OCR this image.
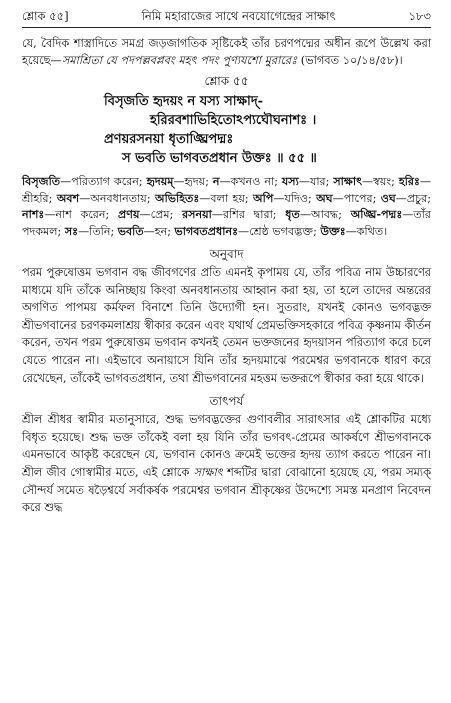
শ্লোক ৫৫]	নিমি মহারাজের সাথে নবযোগেন্দ্রের সাক্ষাৎ	১৮৩

যে, বৈদিক শাস্ত্রাদিতে সমগ্র জড়জাগতিক সৃষ্টিকেই তাঁর চরণপদ্মের অধীন রূপে উল্লেখ করা হয়েছে—সমাশ্রিতা যে পদপল্লবপ্লবং মহৎ পদং পুণ্যযশো মুরারেঃ (ভাগবত ১০/১৪/৫৮)।

শ্লোক ৫৫

বিসৃজতি হৃদয়ং ন যস্য সাক্ষাদ্-

হরিরবশাভিহিতোঽপ্যঘৌঘনাশঃ ।

প্রণয়রসনয়া ধৃতাঙ্ঘ্রিপদ্মঃ

স ভবতি ভাগবতপ্রধান উক্তঃ ॥ ৫৫ ॥

বিসৃজতি—পরিত্যাগ করেন; হৃদয়ম্—হৃদয়; ন—কখনও না; যস্য—যার; সাক্ষাৎ—স্বয়ং; হরিঃ—শ্রীহরি; অবশ—অনবধানতায়; অভিহিতঃ—বলা হয়; অপি—যদিও; অঘ—পাপের; ওঘ—প্রচুর; নাশঃ—নাশ করেন; প্রণয়—প্রেম; রসনয়া—রশির দ্বারা; ধৃত—আবদ্ধ; অঙ্ঘ্রি-পদ্মঃ—তাঁর পদকমল; সঃ—তিনি; ভবতি—হন; ভাগবতপ্রধানঃ—শ্রেষ্ঠ ভগবদ্ভক্ত; উক্তঃ—কথিত।

অনুবাদ

পরম পুরুষোত্তম ভগবান বদ্ধ জীবগণের প্রতি এমনই কৃপাময় যে, তাঁর পবিত্র নাম উচ্চারণের মাধ্যমে যদি তাঁকে অনিচ্ছায় কিংবা অনবধানতায় আহ্বান করা হয়, তা হলে তাদের অন্তরের অগণিত পাপময় কর্মফল বিনাশে তিনি উদ্যোগী হন। সুতরাং, যখনই কোনও ভগবদ্ভক্ত শ্রীভগবানের চরণকমলাশ্রয় স্বীকার করেন এবং যথার্থ প্রেমভক্তিসহকারে পবিত্র কৃষ্ণনাম কীর্তন করেন, তখন পরম পুরুষোত্তম ভগবান কখনই তেমন ভক্তজনের হৃদয়াসন পরিত্যাগ করে চলে যেতে পারেন না। এইভাবে অনায়াসে যিনি তাঁর হৃদয়মাঝে পরমেশ্বর ভগবানকে ধারণ করে রেখেছেন, তাঁকেই ভাগবতপ্রধান, তথা শ্রীভগবানের মহত্তম ভক্তরূপে স্বীকার করা হয়ে থাকে।

তাৎপর্য

শ্রীল শ্রীধর স্বামীর মতানুসারে, শুদ্ধ ভগবদ্ভক্তের গুণাবলীর সারাৎসার এই শ্লোকটির মধ্যে বিধৃত হয়েছে। শুদ্ধ ভক্ত তাঁকেই বলা হয় যিনি তাঁর ভগবৎ-প্রেমের আকর্ষণে শ্রীভগবানকে এমনভাবে আকৃষ্ট করেছেন যে, ভগবান কোনও ক্রমেই ভক্তের হৃদয় ত্যাগ করতে পারেন না। শ্রীল জীব গোস্বামীর মতে, এই শ্লোকে সাক্ষাৎ শব্দটির দ্বারা বোঝানো হয়েছে যে, পরম সম্যক্ সৌন্দর্য সমেত ষড়ৈশ্বর্যে সর্বাকর্ষক পরমেশ্বর ভগবান শ্রীকৃষ্ণের উদ্দেশ্যে সমস্ত মনপ্রাণ নিবেদন করে শুদ্ধ
